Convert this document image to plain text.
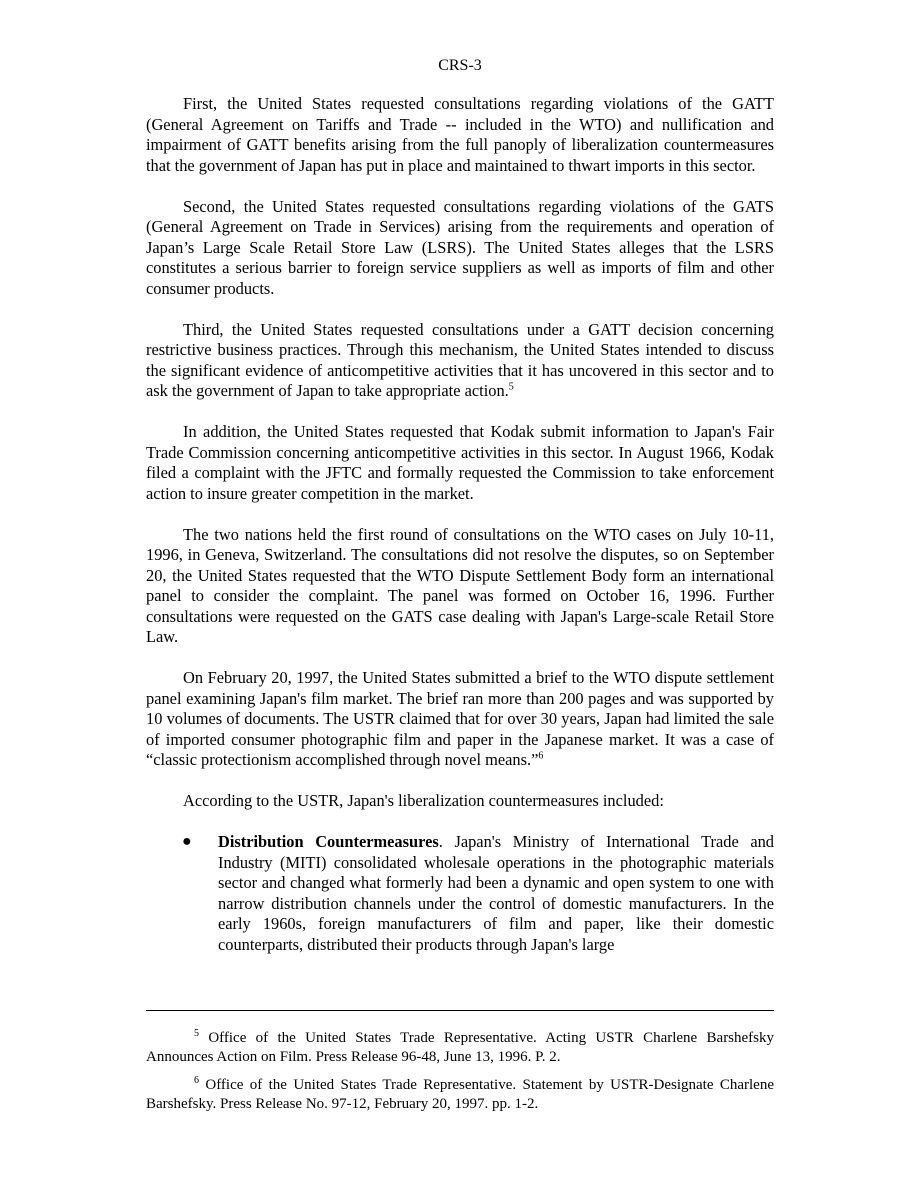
CRS-3

First, the United States requested consultations regarding violations of the GATT (General Agreement on Tariffs and Trade -- included in the WTO) and nullification and impairment of GATT benefits arising from the full panoply of liberalization countermeasures that the government of Japan has put in place and maintained to thwart imports in this sector.

Second, the United States requested consultations regarding violations of the GATS (General Agreement on Trade in Services) arising from the requirements and operation of Japan’s Large Scale Retail Store Law (LSRS). The United States alleges that the LSRS constitutes a serious barrier to foreign service suppliers as well as imports of film and other consumer products.

Third, the United States requested consultations under a GATT decision concerning restrictive business practices. Through this mechanism, the United States intended to discuss the significant evidence of anticompetitive activities that it has uncovered in this sector and to ask the government of Japan to take appropriate action.$^5$

In addition, the United States requested that Kodak submit information to Japan's Fair Trade Commission concerning anticompetitive activities in this sector. In August 1966, Kodak filed a complaint with the JFTC and formally requested the Commission to take enforcement action to insure greater competition in the market.

The two nations held the first round of consultations on the WTO cases on July 10-11, 1996, in Geneva, Switzerland. The consultations did not resolve the disputes, so on September 20, the United States requested that the WTO Dispute Settlement Body form an international panel to consider the complaint. The panel was formed on October 16, 1996. Further consultations were requested on the GATS case dealing with Japan's Large-scale Retail Store Law.

On February 20, 1997, the United States submitted a brief to the WTO dispute settlement panel examining Japan's film market. The brief ran more than 200 pages and was supported by 10 volumes of documents. The USTR claimed that for over 30 years, Japan had limited the sale of imported consumer photographic film and paper in the Japanese market. It was a case of “classic protectionism accomplished through novel means.”$^6$

According to the USTR, Japan's liberalization countermeasures included:

● Distribution Countermeasures. Japan's Ministry of International Trade and Industry (MITI) consolidated wholesale operations in the photographic materials sector and changed what formerly had been a dynamic and open system to one with narrow distribution channels under the control of domestic manufacturers. In the early 1960s, foreign manufacturers of film and paper, like their domestic counterparts, distributed their products through Japan's large

$^5$ Office of the United States Trade Representative. Acting USTR Charlene Barshefsky Announces Action on Film. Press Release 96-48, June 13, 1996. P. 2.

$^6$ Office of the United States Trade Representative. Statement by USTR-Designate Charlene Barshefsky. Press Release No. 97-12, February 20, 1997. pp. 1-2.
